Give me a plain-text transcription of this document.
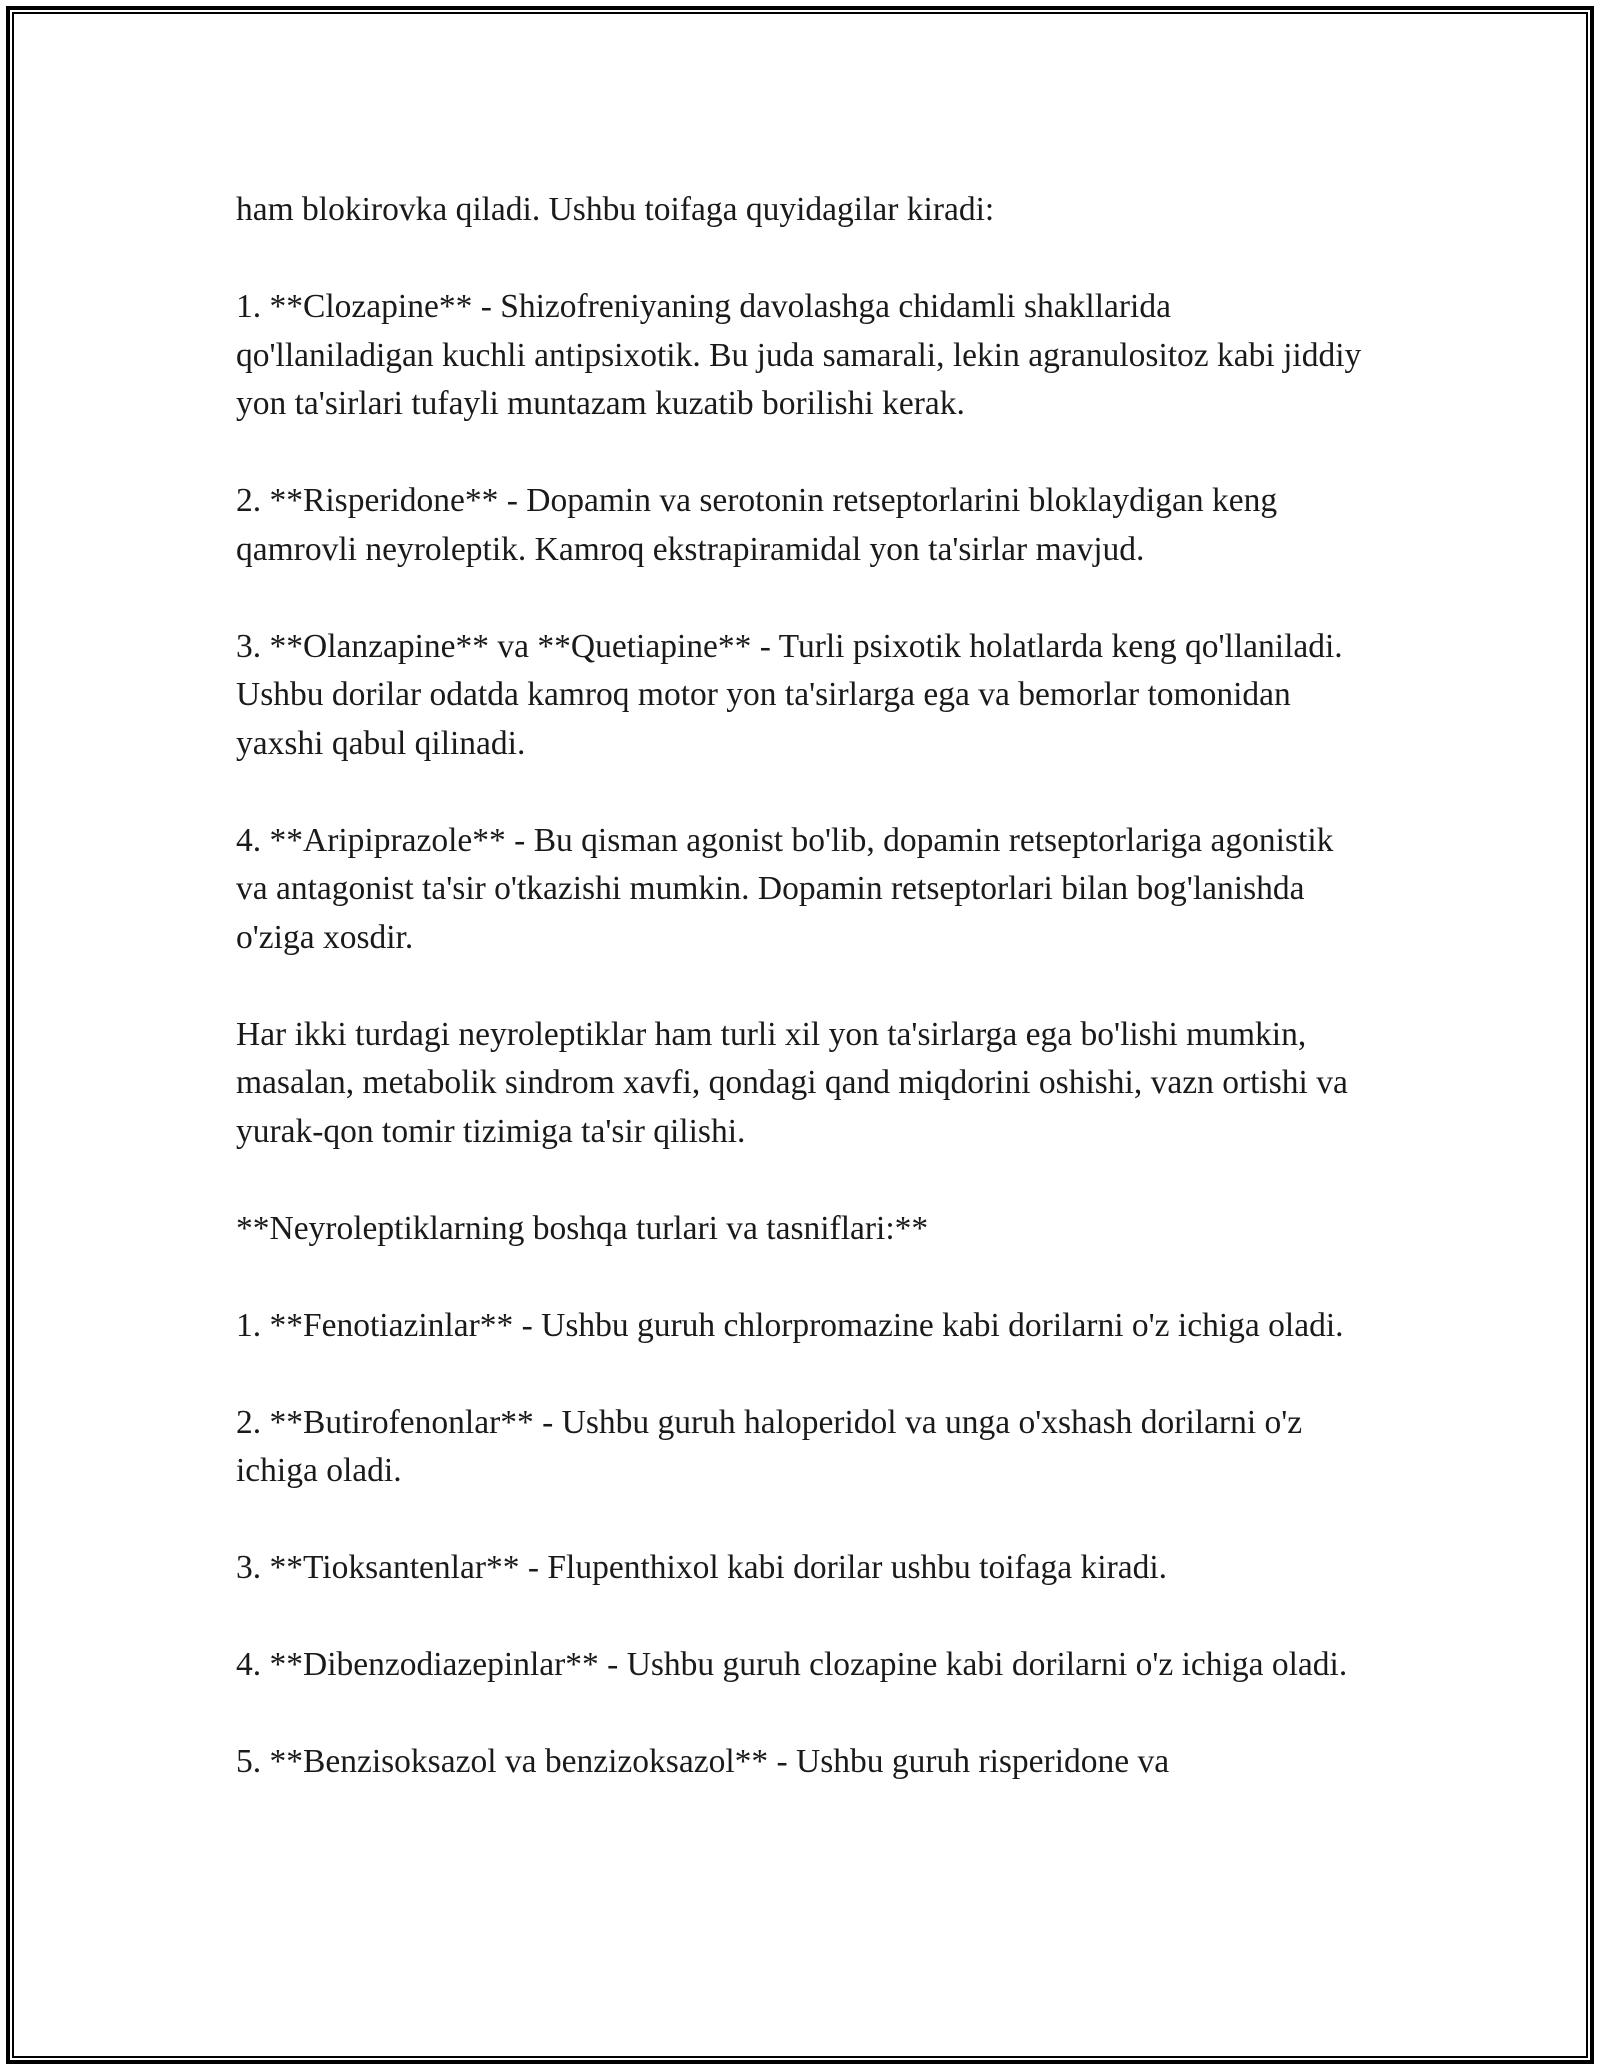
ham blokirovka qiladi. Ushbu toifaga quyidagilar kiradi:

1. **Clozapine** - Shizofreniyaning davolashga chidamli shakllarida qo'llaniladigan kuchli antipsixotik. Bu juda samarali, lekin agranulositoz kabi jiddiy yon ta'sirlari tufayli muntazam kuzatib borilishi kerak.

2. **Risperidone** - Dopamin va serotonin retseptorlarini bloklaydigan keng qamrovli neyroleptik. Kamroq ekstrapiramidal yon ta'sirlar mavjud.

3. **Olanzapine** va **Quetiapine** - Turli psixotik holatlarda keng qo'llaniladi. Ushbu dorilar odatda kamroq motor yon ta'sirlarga ega va bemorlar tomonidan yaxshi qabul qilinadi.

4. **Aripiprazole** - Bu qisman agonist bo'lib, dopamin retseptorlariga agonistik va antagonist ta'sir o'tkazishi mumkin. Dopamin retseptorlari bilan bog'lanishda o'ziga xosdir.

Har ikki turdagi neyroleptiklar ham turli xil yon ta'sirlarga ega bo'lishi mumkin, masalan, metabolik sindrom xavfi, qondagi qand miqdorini oshishi, vazn ortishi va yurak-qon tomir tizimiga ta'sir qilishi.

**Neyroleptiklarning boshqa turlari va tasniflari:**

1. **Fenotiazinlar** - Ushbu guruh chlorpromazine kabi dorilarni o'z ichiga oladi.

2. **Butirofenonlar** - Ushbu guruh haloperidol va unga o'xshash dorilarni o'z ichiga oladi.

3. **Tioksantenlar** - Flupenthixol kabi dorilar ushbu toifaga kiradi.

4. **Dibenzodiazepinlar** - Ushbu guruh clozapine kabi dorilarni o'z ichiga oladi.

5. **Benzisoksazol va benzizoksazol** - Ushbu guruh risperidone va
